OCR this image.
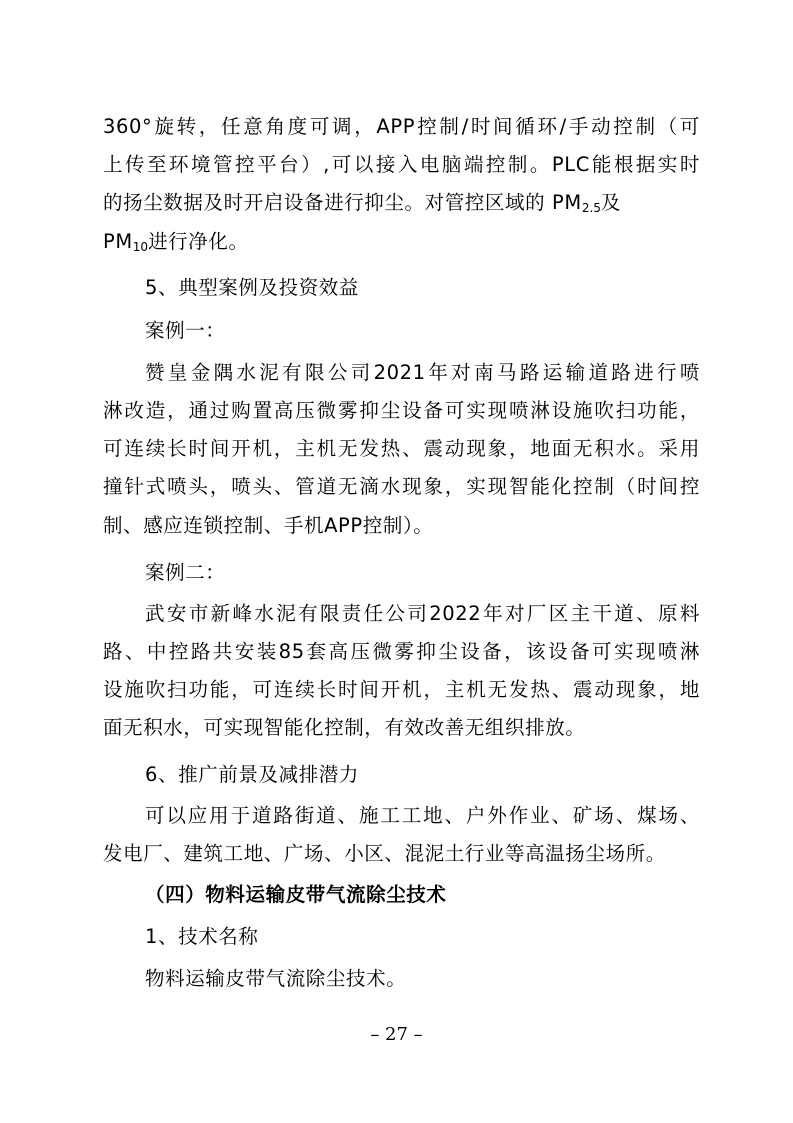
360°旋转，任意角度可调，APP控制/时间循环/手动控制（可
上传至环境管控平台）,可以接入电脑端控制。PLC能根据实时
的扬尘数据及时开启设备进行抑尘。对管控区域的 $PM_{2.5}$及
$PM_{10}$进行净化。
5、典型案例及投资效益
案例一：
赞皇金隅水泥有限公司2021年对南马路运输道路进行喷
淋改造，通过购置高压微雾抑尘设备可实现喷淋设施吹扫功能，
可连续长时间开机，主机无发热、震动现象，地面无积水。采用
撞针式喷头，喷头、管道无滴水现象，实现智能化控制（时间控
制、感应连锁控制、手机APP控制）。
案例二：
武安市新峰水泥有限责任公司2022年对厂区主干道、原料
路、中控路共安装85套高压微雾抑尘设备，该设备可实现喷淋
设施吹扫功能，可连续长时间开机，主机无发热、震动现象，地
面无积水，可实现智能化控制，有效改善无组织排放。
6、推广前景及减排潜力
可以应用于道路街道、施工工地、户外作业、矿场、煤场、
发电厂、建筑工地、广场、小区、混泥土行业等高温扬尘场所。
（四）物料运输皮带气流除尘技术
1、技术名称
物料运输皮带气流除尘技术。
– 27 –
